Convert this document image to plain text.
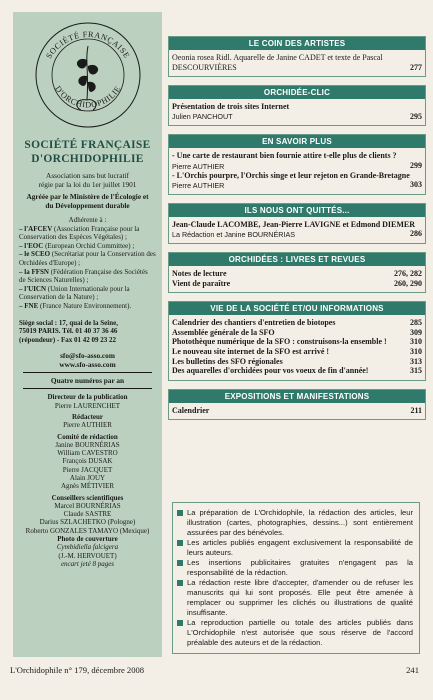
SOCIÉTÉ FRANÇAISE
D'ORCHIDOPHILIE
SOCIÉTÉ FRANÇAISE
D'ORCHIDOPHILIE
Association sans but lucratif
régie par la loi du 1er juillet 1901
Agréée par le Ministère de l'Écologie et
du Développement durable
Adhérente à :
– l'AFCEV (Association Française pour la Conservation des Espèces Végétales) ;
– l'EOC (European Orchid Committee) ;
– le SCEO (Secrétariat pour la Conservation des Orchidées d'Europe) ;
– la FFSN (Fédération Française des Sociétés de Sciences Naturelles) ;
– l'UICN (Union Internationale pour la Conservation de la Nature) ;
– FNE (France Nature Environnement).
Siège social : 17, quai de la Seine,
75019 PARIS. Tél. 01 40 37 36 46
(répondeur) - Fax 01 42 09 23 22
sfo@sfo-asso.com
www.sfo-asso.com
Quatre numéros par an
Directeur de la publication
Pierre LAURENCHET
Rédacteur
Pierre AUTHIER
Comité de rédaction
Janine BOURNÉRIAS
William CAVESTRO
François DUSAK
Pierre JACQUET
Alain JOUY
Agnès MÉTIVIER
Conseillers scientifiques
Marcel BOURNÉRIAS
Claude SASTRE
Darius SZLACHETKO (Pologne)
Roberto GONZALES TAMAYO (Mexique)
Photo de couverture
Cymbidiella falcigera
(J.-M. HERVOUET)
encart jeté 8 pages
LE COIN DES ARTISTES
Oeonia rosea Ridl. Aquarelle de Janine CADET et texte de Pascal DESCOURVIÈRES	277
ORCHIDÉE-CLIC
Présentation de trois sites Internet
Julien PANCHOUT	295
EN SAVOIR PLUS
- Une carte de restaurant bien fournie attire t-elle plus de clients ?
Pierre AUTHIER	299
- L'Orchis pourpre, l'Orchis singe et leur rejeton en Grande-Bretagne
Pierre AUTHIER	303
ILS NOUS ONT QUITTÉS...
Jean-Claude LACOMBE, Jean-Pierre LAVIGNE et Edmond DIEMER
La Rédaction et Janine BOURNÉRIAS	286
ORCHIDÉES : LIVRES ET REVUES
Notes de lecture	276, 282
Vient de paraître	260, 290
VIE DE LA SOCIÉTÉ ET/OU INFORMATIONS
Calendrier des chantiers d'entretien de biotopes	285
Assemblée générale de la SFO	309
Photothèque numérique de la SFO : construisons-la ensemble !	310
Le nouveau site internet de la SFO est arrivé !	310
Les bulletins des SFO régionales	313
Des aquarelles d'orchidées pour vos voeux de fin d'année!	315
EXPOSITIONS ET MANIFESTATIONS
Calendrier	211
La préparation de L'Orchidophile, la rédaction des articles, leur illustration (cartes, photographies, dessins...) sont entièrement assurées par des bénévoles.
Les articles publiés engagent exclusivement la responsabilité de leurs auteurs.
Les insertions publicitaires gratuites n'engagent pas la responsabilité de la rédaction.
La rédaction reste libre d'accepter, d'amender ou de refuser les manuscrits qui lui sont proposés. Elle peut être amenée à remplacer ou supprimer les clichés ou illustrations de qualité insuffisante.
La reproduction partielle ou totale des articles publiés dans L'Orchidophile n'est autorisée que sous réserve de l'accord préalable des auteurs et de la rédaction.
L'Orchidophile n° 179, décembre 2008	241
